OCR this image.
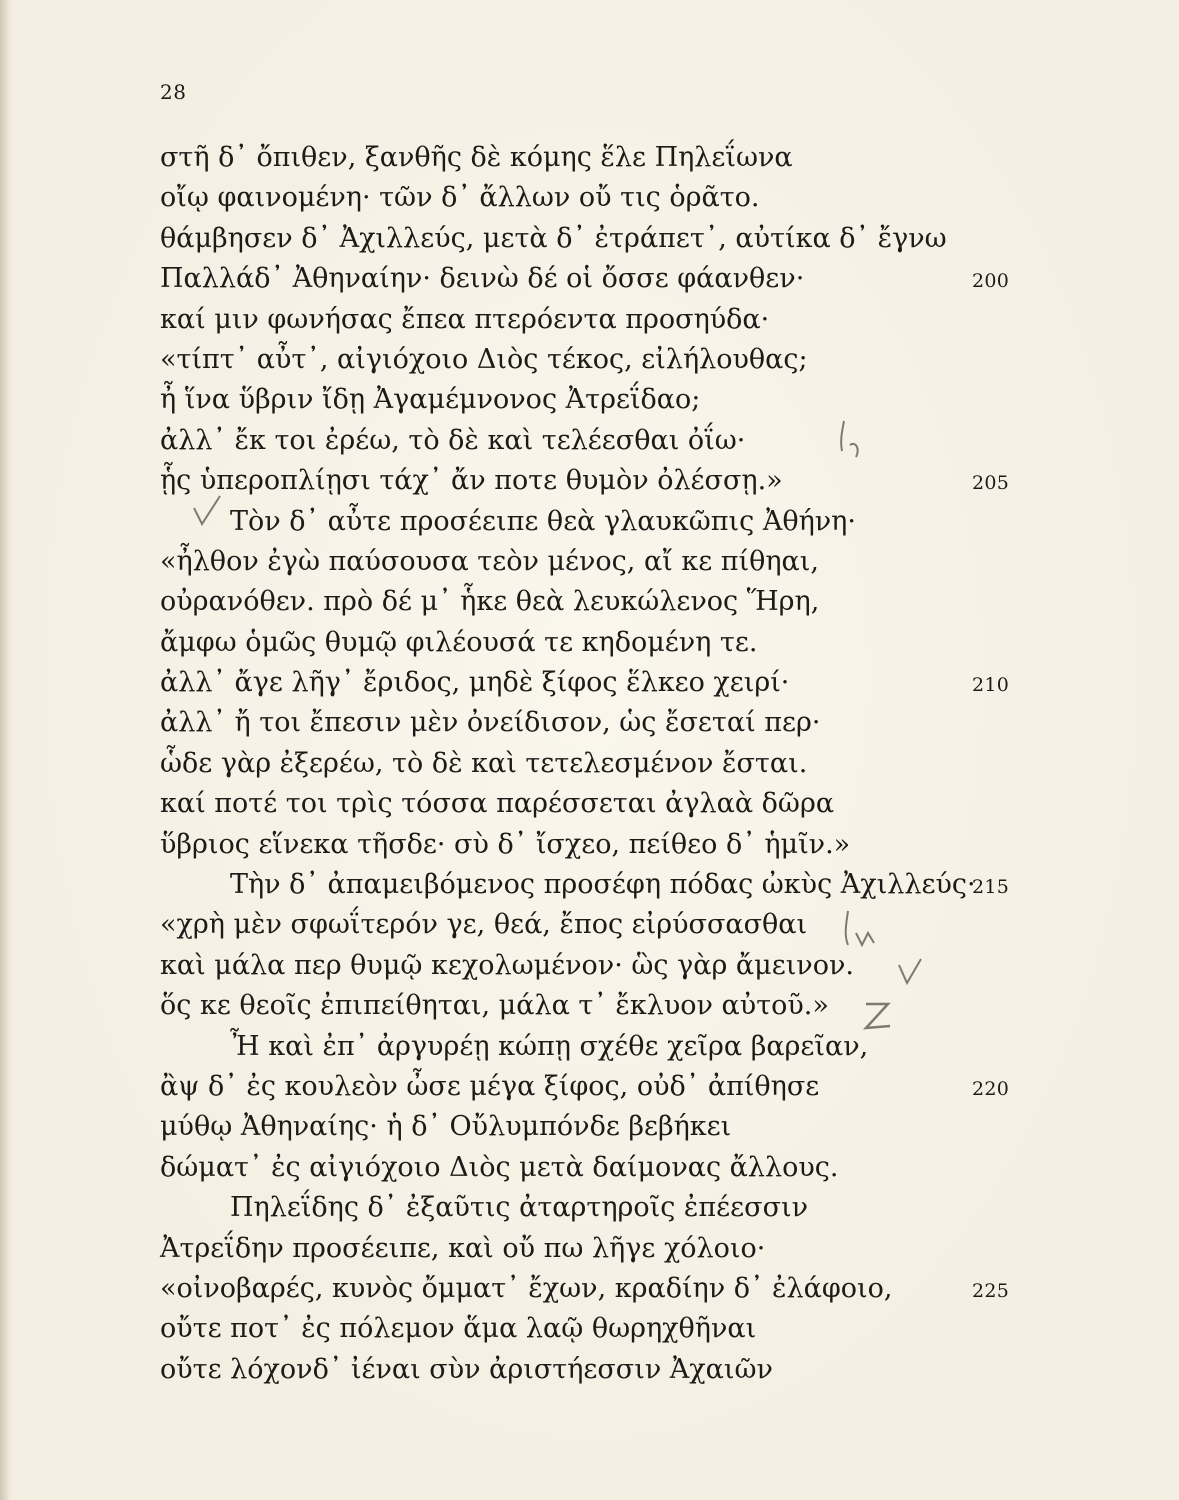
28
στῆ δ᾽ ὄπιθεν, ξανθῆς δὲ κόμης ἕλε Πηλεΐωνα
οἴῳ φαινομένη· τῶν δ᾽ ἄλλων οὔ τις ὁρᾶτο.
θάμβησεν δ᾽ Ἀχιλλεύς, μετὰ δ᾽ ἐτράπετ᾽, αὐτίκα δ᾽ ἔγνω
Παλλάδ᾽ Ἀθηναίην· δεινὼ δέ οἱ ὄσσε φάανθεν·	200
καί μιν φωνήσας ἔπεα πτερόεντα προσηύδα·
«τίπτ᾽ αὖτ᾽, αἰγιόχοιο Διὸς τέκος, εἰλήλουθας;
ἦ ἵνα ὕβριν ἴδῃ Ἀγαμέμνονος Ἀτρεΐδαο;
ἀλλ᾽ ἔκ τοι ἐρέω, τὸ δὲ καὶ τελέεσθαι ὀΐω·
ᾗς ὑπεροπλίῃσι τάχ᾽ ἄν ποτε θυμὸν ὀλέσσῃ.»	205
Τὸν δ᾽ αὖτε προσέειπε θεὰ γλαυκῶπις Ἀθήνη·
«ἦλθον ἐγὼ παύσουσα τεὸν μένος, αἴ κε πίθηαι,
οὐρανόθεν. πρὸ δέ μ᾽ ἧκε θεὰ λευκώλενος Ἥρη,
ἄμφω ὁμῶς θυμῷ φιλέουσά τε κηδομένη τε.
ἀλλ᾽ ἄγε λῆγ᾽ ἔριδος, μηδὲ ξίφος ἕλκεο χειρί·	210
ἀλλ᾽ ἤ τοι ἔπεσιν μὲν ὀνείδισον, ὡς ἔσεταί περ·
ὧδε γὰρ ἐξερέω, τὸ δὲ καὶ τετελεσμένον ἔσται.
καί ποτέ τοι τρὶς τόσσα παρέσσεται ἀγλαὰ δῶρα
ὕβριος εἵνεκα τῆσδε· σὺ δ᾽ ἴσχεο, πείθεο δ᾽ ἡμῖν.»
Τὴν δ᾽ ἀπαμειβόμενος προσέφη πόδας ὠκὺς Ἀχιλλεύς·
215
«χρὴ μὲν σφωΐτερόν γε, θεά, ἔπος εἰρύσσασθαι
καὶ μάλα περ θυμῷ κεχολωμένον· ὣς γὰρ ἄμεινον.
ὅς κε θεοῖς ἐπιπείθηται, μάλα τ᾽ ἔκλυον αὐτοῦ.»
Ἦ καὶ ἐπ᾽ ἀργυρέῃ κώπῃ σχέθε χεῖρα βαρεῖαν,
ἂψ δ᾽ ἐς κουλεὸν ὦσε μέγα ξίφος, οὐδ᾽ ἀπίθησε	220
μύθῳ Ἀθηναίης· ἡ δ᾽ Οὔλυμπόνδε βεβήκει
δώματ᾽ ἐς αἰγιόχοιο Διὸς μετὰ δαίμονας ἄλλους.
Πηλεΐδης δ᾽ ἐξαῦτις ἀταρτηροῖς ἐπέεσσιν
Ἀτρεΐδην προσέειπε, καὶ οὔ πω λῆγε χόλοιο·
«οἰνοβαρές, κυνὸς ὄμματ᾽ ἔχων, κραδίην δ᾽ ἐλάφοιο,	225
οὔτε ποτ᾽ ἐς πόλεμον ἅμα λαῷ θωρηχθῆναι
οὔτε λόχονδ᾽ ἰέναι σὺν ἀριστήεσσιν Ἀχαιῶν
